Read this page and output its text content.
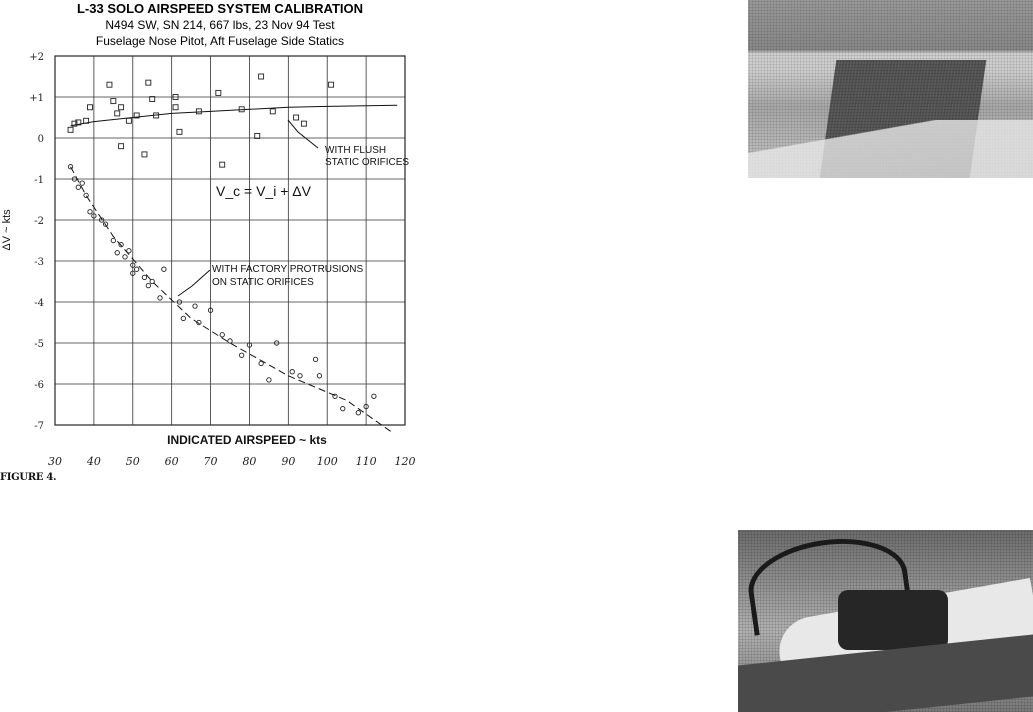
L-33 SOLO AIRSPEED SYSTEM CALIBRATION
N494 SW, SN 214, 667 lbs, 23 Nov 94 Test
Fuselage Nose Pitot, Aft Fuselage Side Statics
+2
+1
0
-1
-2
-3
-4
-5
-6
-7
30 40 50 60 70 80 90 100 110 120
ΔV ~ kts
INDICATED AIRSPEED ~ kts
V_c = V_i + ΔV
WITH FLUSH
STATIC ORIFICES
WITH FACTORY PROTRUSIONS
ON STATIC ORIFICES
FIGURE 4.
